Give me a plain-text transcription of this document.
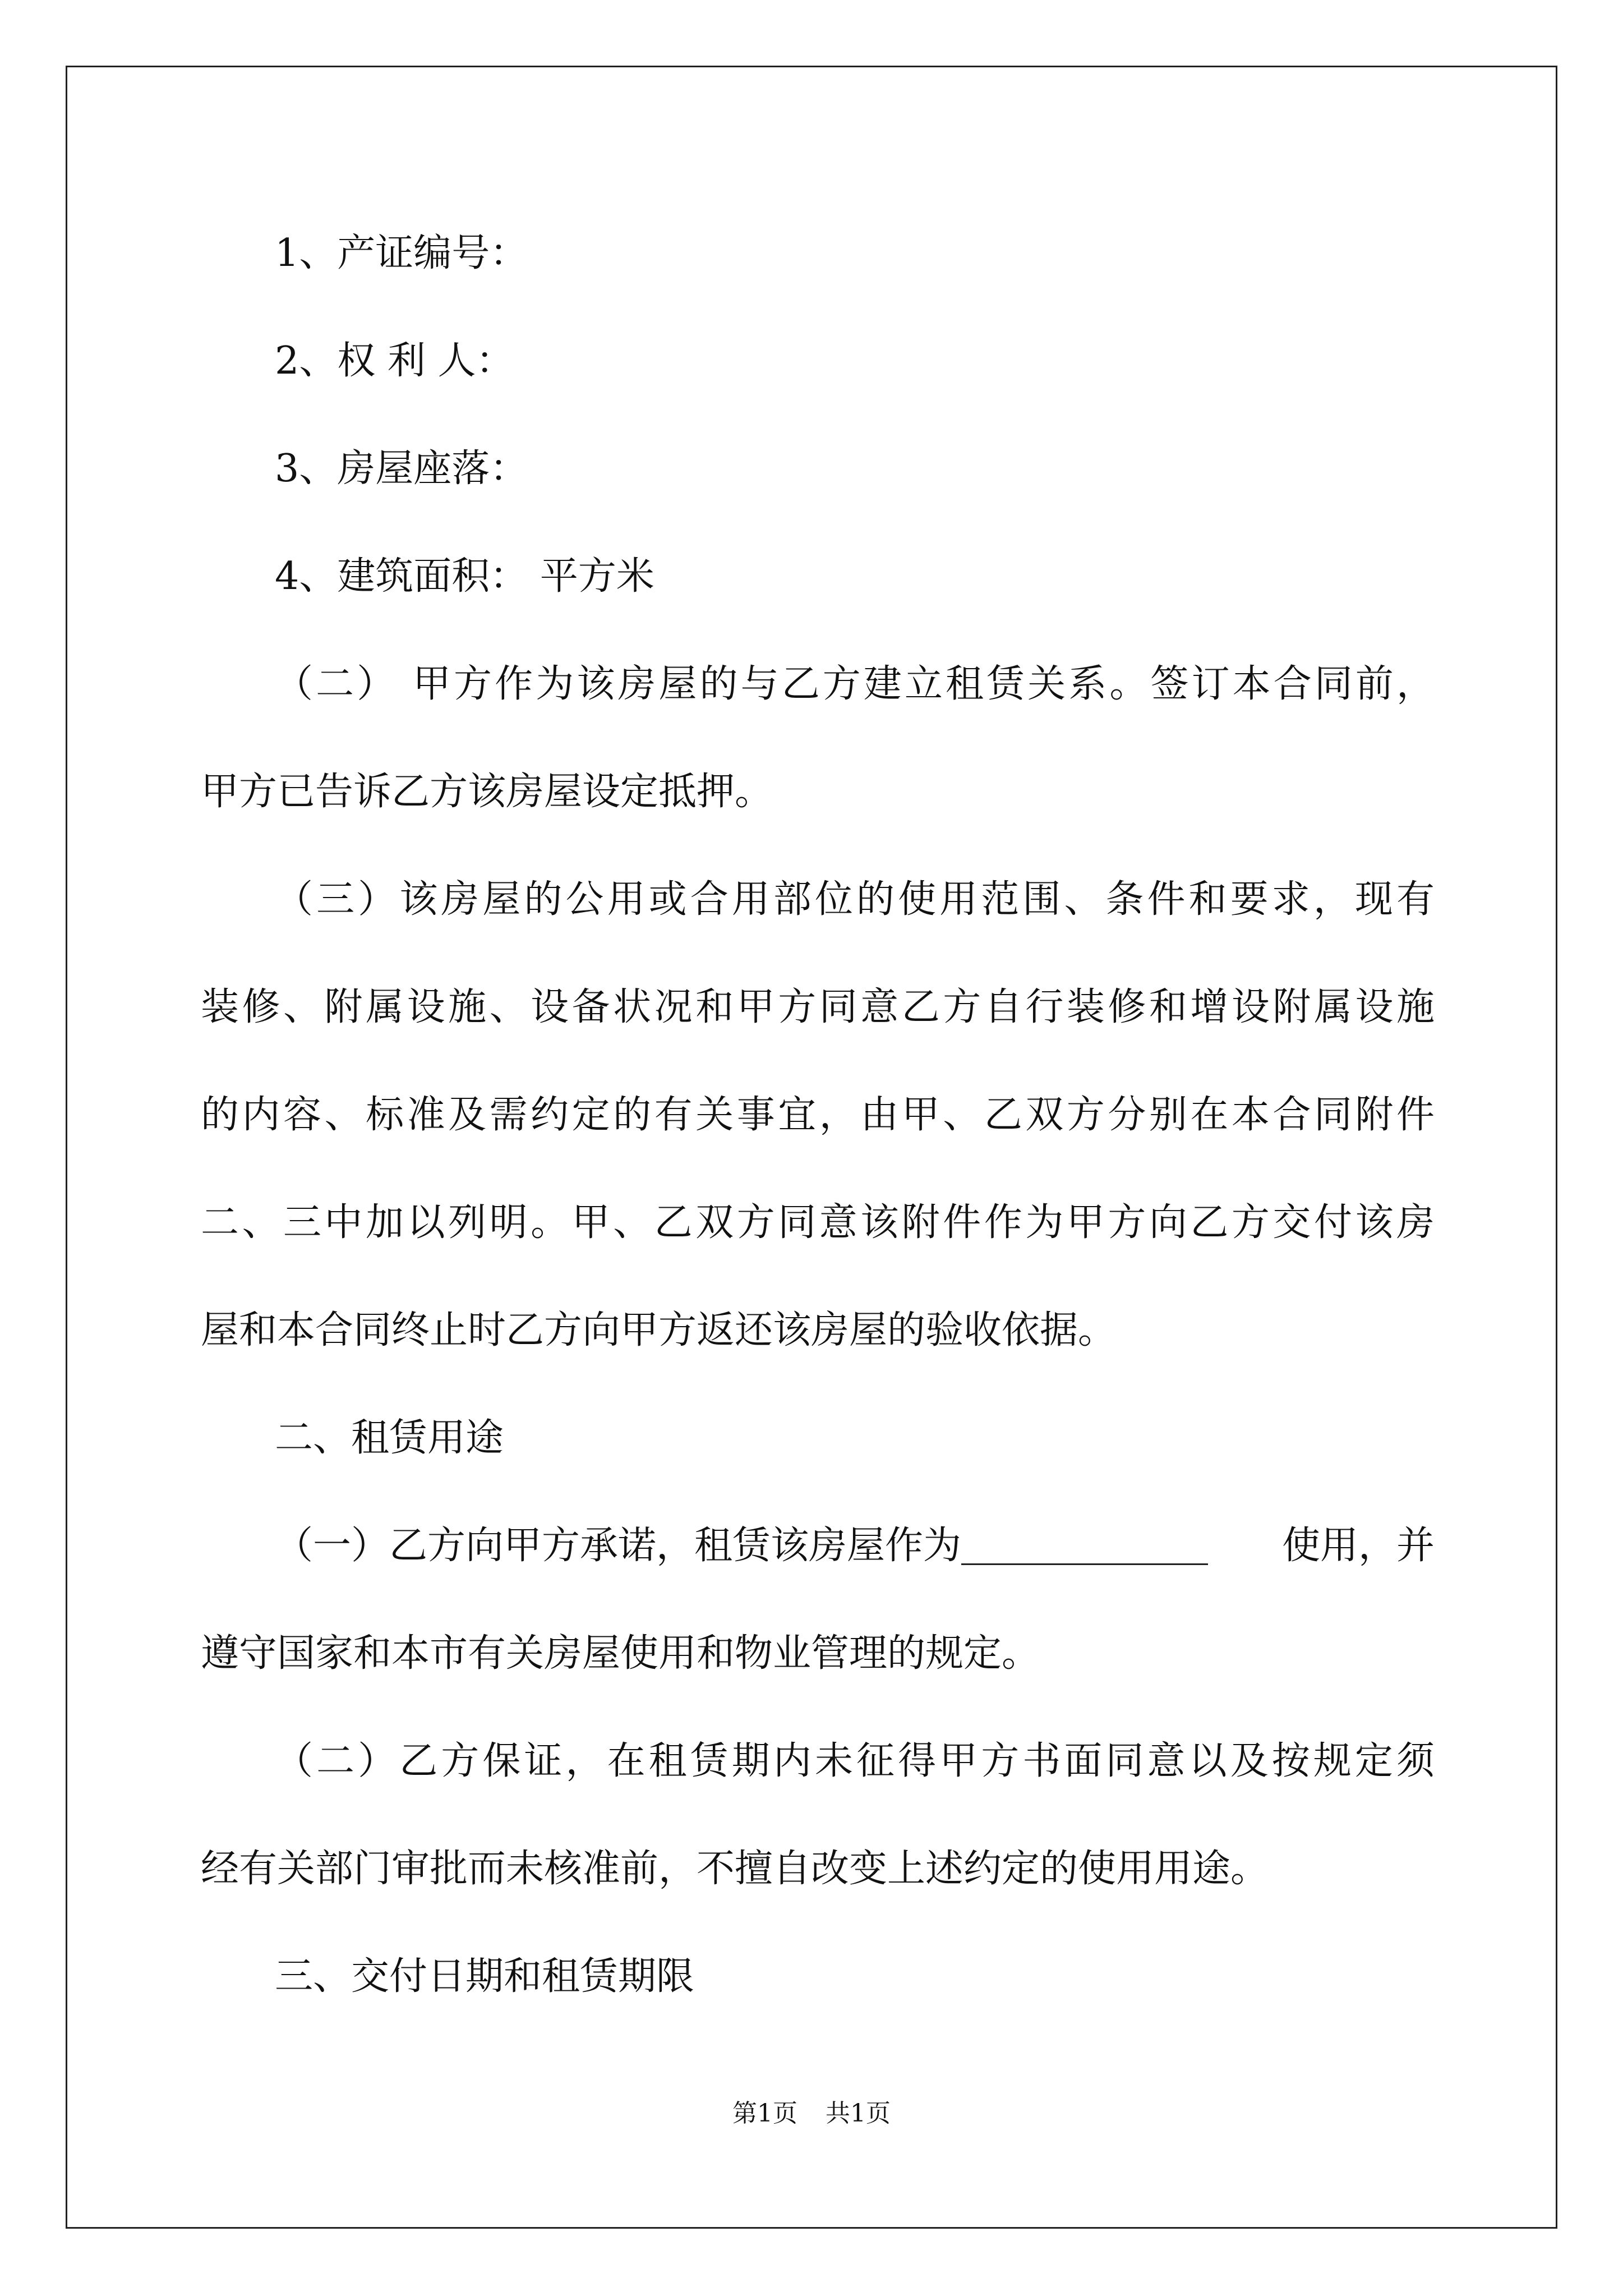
1、产证编号：
2、权 利 人：
3、房屋座落：
4、建筑面积： 平方米
（二） 甲方作为该房屋的与乙方建立租赁关系。签订本合同前，
甲方已告诉乙方该房屋设定抵押。
（三）该房屋的公用或合用部位的使用范围、条件和要求，现有
装修、附属设施、设备状况和甲方同意乙方自行装修和增设附属设施
的内容、标准及需约定的有关事宜，由甲、乙双方分别在本合同附件
二、三中加以列明。甲、乙双方同意该附件作为甲方向乙方交付该房
屋和本合同终止时乙方向甲方返还该房屋的验收依据。
二、租赁用途
（一）乙方向甲方承诺，租赁该房屋作为	使用，并
遵守国家和本市有关房屋使用和物业管理的规定。
（二）乙方保证，在租赁期内未征得甲方书面同意以及按规定须
经有关部门审批而未核准前，不擅自改变上述约定的使用用途。
三、交付日期和租赁期限
第1页 共1页
